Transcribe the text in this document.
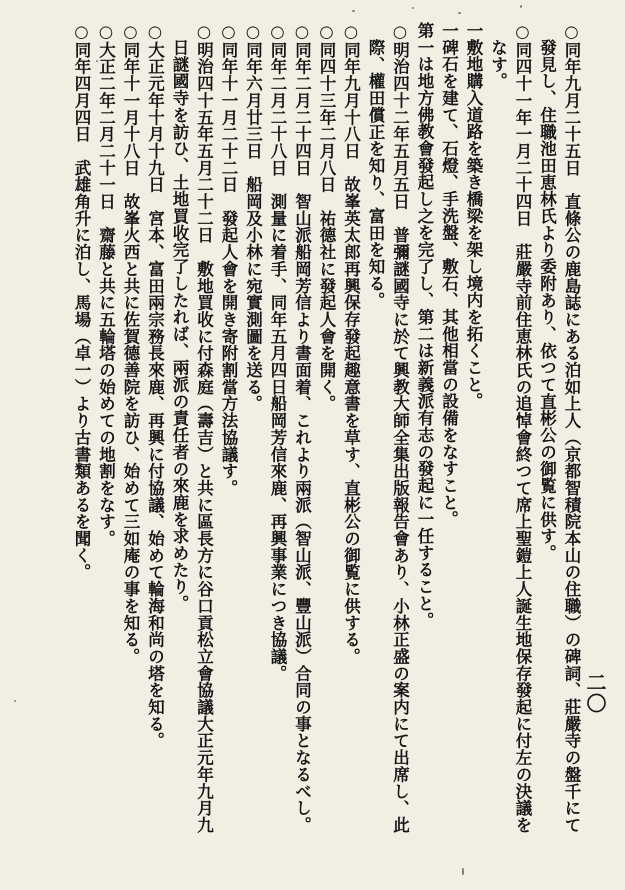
二〇

○同年九月二十五日　直條公の鹿島誌にある泊如上人（京都智積院本山の住職）の碑詞、莊嚴寺の盤千にて

發見し、住職池田恵林氏より委附あり、依つて直彬公の御覧に供す。

○同四十一年一月二十四日　莊嚴寺前住恵林氏の追悼會終つて席上聖鎧上人誕生地保存發起に付左の決議を

なす。

一敷地購入道路を築き橋梁を架し境内を拓くこと。

一碑石を建て、石燈、手洗盤、敷石、其他相當の設備をなすこと。

第一は地方佛教會發起し之を完了し、第二は新義派有志の發起に一任すること。

○明治四十二年五月五日　普彌謎國寺に於て興教大師全集出版報告會あり、小林正盛の案内にて出席し、此

際、權田償正を知り、富田を知る。

○同年九月十八日　故峯英太郎再興保存發起趣意書を草す、直彬公の御覧に供する。

○同四十三年二月八日　祐德社に發起人會を開く。

○同年二月二十四日　智山派船岡芳信より書面着、これより兩派（智山派、豐山派）合同の事となるべし。

○同年二月二十八日　測量に着手、同年五月四日船岡芳信來鹿、再興事業につき協議。

○同年六月廿三日　船岡及小林に宛實測圖を送る。

○同年十一月二十二日　發起人會を開き寄附割當方法協議す。

○明治四十五年五月二十二日　敷地買收に付森庭（壽吉）と共に區長方に谷口貢松立會協議大正元年九月九

日謎國寺を訪ひ、土地買收完了したれば、兩派の責任者の來鹿を求めたり。

○大正元年十月十九日　宮本、富田兩宗務長來鹿、再興に付協議、始めて輪海和尚の塔を知る。

○同年十一月十八日　故峯火西と共に佐賀德善院を訪ひ、始めて三如庵の事を知る。

○大正二年二月二十一日　齋藤と共に五輪塔の始めての地割をなす。

○同年四月四日　武雄角升に泊し、馬場（卓一）より古書類あるを聞く。
